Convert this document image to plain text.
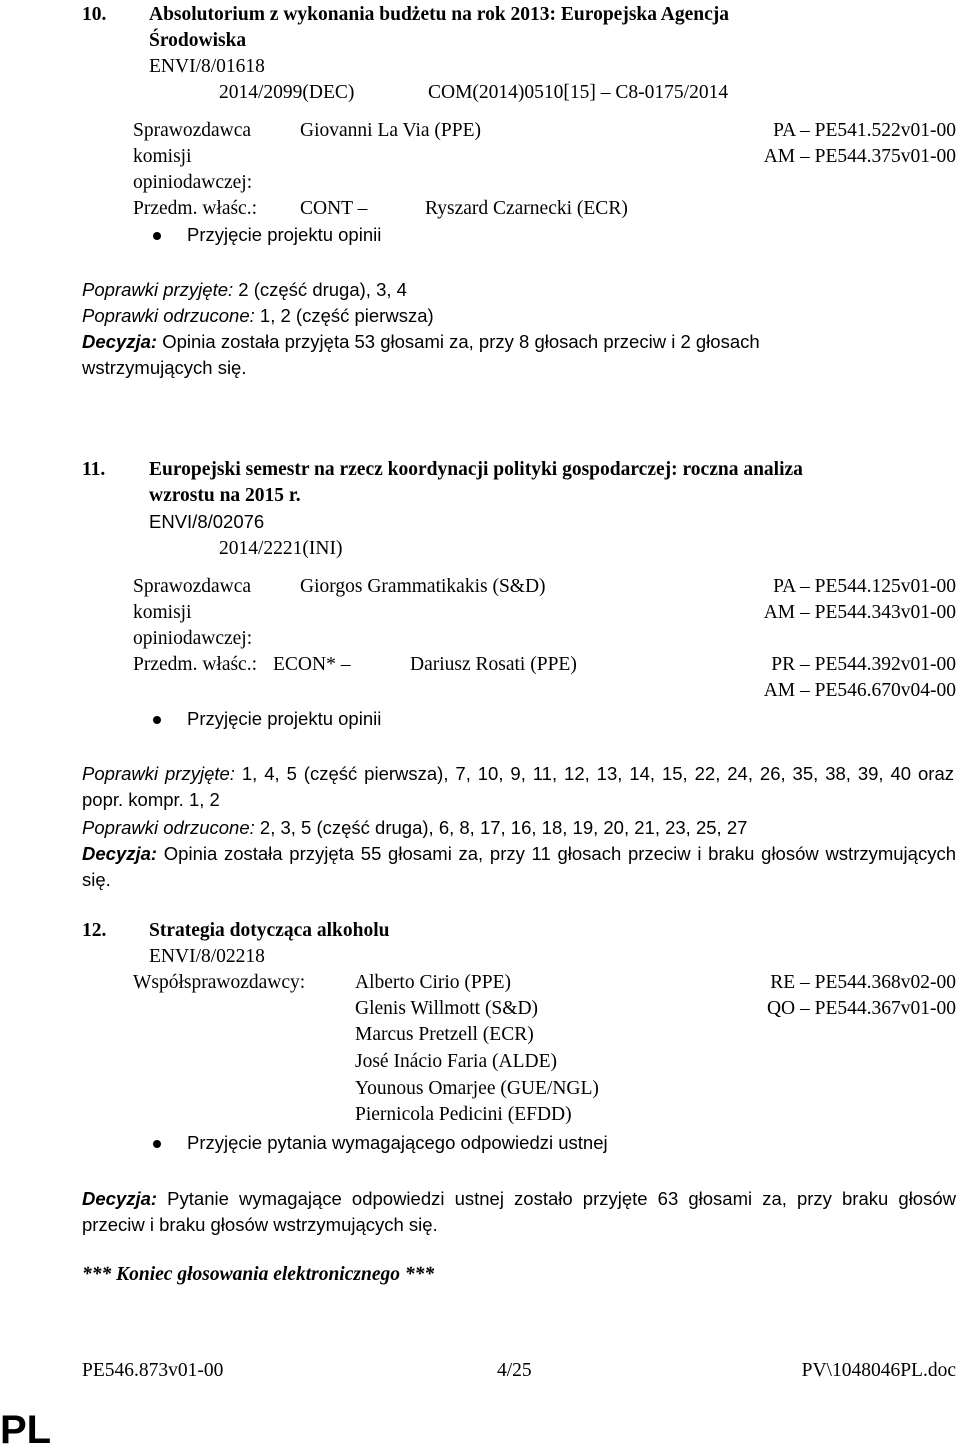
10. Absolutorium z wykonania budżetu na rok 2013: Europejska Agencja
Środowiska
ENVI/8/01618
2014/2099(DEC)	COM(2014)0510[15] – C8-0175/2014
Sprawozdawca
komisji
opiniodawczej:
Giovanni La Via (PPE)	PA – PE541.522v01-00
AM – PE544.375v01-00
Przedm. właśc.: CONT –	Ryszard Czarnecki (ECR)
Przyjęcie projektu opinii
Poprawki przyjęte: 2 (część druga), 3, 4
Poprawki odrzucone: 1, 2 (część pierwsza)
Decyzja: Opinia została przyjęta 53 głosami za, przy 8 głosach przeciw i 2 głosach wstrzymujących się.
11. Europejski semestr na rzecz koordynacji polityki gospodarczej: roczna analiza
wzrostu na 2015 r.
ENVI/8/02076
2014/2221(INI)
Sprawozdawca
komisji
opiniodawczej:
Giorgos Grammatikakis (S&D)	PA – PE544.125v01-00
AM – PE544.343v01-00
Przedm. właśc.: ECON* –	Dariusz Rosati (PPE)	PR – PE544.392v01-00
AM – PE546.670v04-00
Przyjęcie projektu opinii
Poprawki przyjęte: 1, 4, 5 (część pierwsza), 7, 10, 9, 11, 12, 13, 14, 15, 22, 24, 26, 35, 38, 39, 40 oraz popr. kompr. 1, 2
Poprawki odrzucone: 2, 3, 5 (część druga), 6, 8, 17, 16, 18, 19, 20, 21, 23, 25, 27
Decyzja: Opinia została przyjęta 55 głosami za, przy 11 głosach przeciw i braku głosów wstrzymujących się.
12. Strategia dotycząca alkoholu
ENVI/8/02218
Współsprawozdawcy:	Alberto Cirio (PPE)
Glenis Willmott (S&D)
Marcus Pretzell (ECR)
José Inácio Faria (ALDE)
Younous Omarjee (GUE/NGL)
Piernicola Pedicini (EFDD)
RE – PE544.368v02-00
QO – PE544.367v01-00
Przyjęcie pytania wymagającego odpowiedzi ustnej
Decyzja: Pytanie wymagające odpowiedzi ustnej zostało przyjęte 63 głosami za, przy braku głosów przeciw i braku głosów wstrzymujących się.
*** Koniec głosowania elektronicznego ***
PE546.873v01-00	4/25	PV\1048046PL.doc
PL
